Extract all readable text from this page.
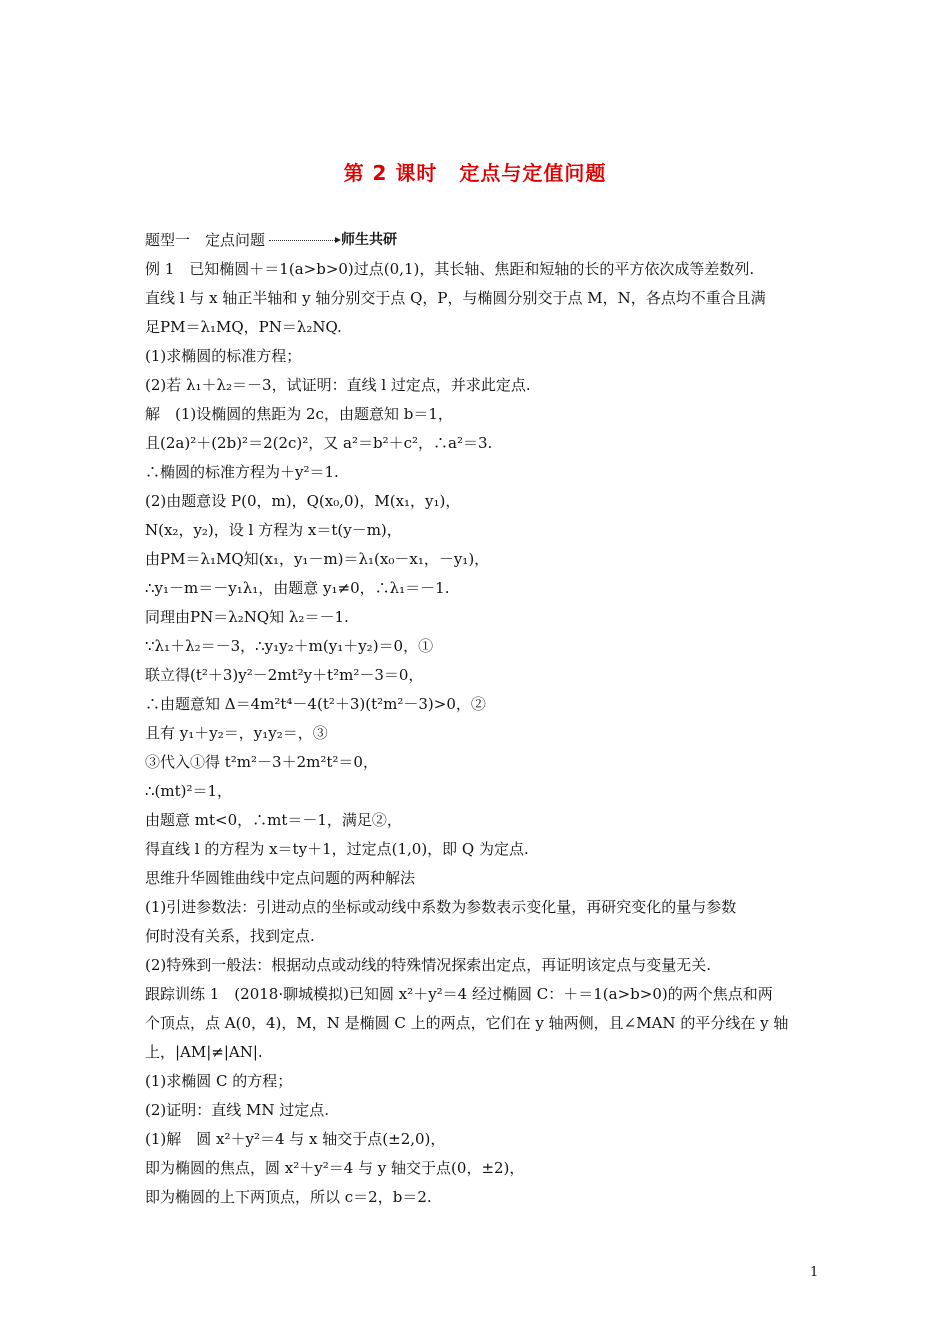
第 2 课时 定点与定值问题
题型一　定点问题	师生共研
例 1　已知椭圆＋＝1(a>b>0)过点(0,1)，其长轴、焦距和短轴的长的平方依次成等差数列.
直线 l 与 x 轴正半轴和 y 轴分别交于点 Q，P，与椭圆分别交于点 M，N，各点均不重合且满
足PM＝λ₁MQ，PN＝λ₂NQ.
(1)求椭圆的标准方程；
(2)若 λ₁＋λ₂＝－3，试证明：直线 l 过定点，并求此定点.
解　(1)设椭圆的焦距为 2c，由题意知 b＝1，
且(2a)²＋(2b)²＝2(2c)²，又 a²＝b²＋c²，∴a²＝3.
∴椭圆的标准方程为＋y²＝1.
(2)由题意设 P(0，m)，Q(x₀,0)，M(x₁，y₁)，
N(x₂，y₂)，设 l 方程为 x＝t(y－m)，
由PM＝λ₁MQ知(x₁，y₁－m)＝λ₁(x₀－x₁，－y₁)，
∴y₁－m＝－y₁λ₁，由题意 y₁≠0，∴λ₁＝－1.
同理由PN＝λ₂NQ知 λ₂＝－1.
∵λ₁＋λ₂＝－3，∴y₁y₂＋m(y₁＋y₂)＝0，①
联立得(t²＋3)y²－2mt²y＋t²m²－3＝0，
∴由题意知 Δ＝4m²t⁴－4(t²＋3)(t²m²－3)>0，②
且有 y₁＋y₂＝，y₁y₂＝，③
③代入①得 t²m²－3＋2m²t²＝0，
∴(mt)²＝1，
由题意 mt<0，∴mt＝－1，满足②，
得直线 l 的方程为 x＝ty＋1，过定点(1,0)，即 Q 为定点.
思维升华圆锥曲线中定点问题的两种解法
(1)引进参数法：引进动点的坐标或动线中系数为参数表示变化量，再研究变化的量与参数
何时没有关系，找到定点.
(2)特殊到一般法：根据动点或动线的特殊情况探索出定点，再证明该定点与变量无关.
跟踪训练 1　(2018·聊城模拟)已知圆 x²＋y²＝4 经过椭圆 C：＋＝1(a>b>0)的两个焦点和两
个顶点，点 A(0，4)，M，N 是椭圆 C 上的两点，它们在 y 轴两侧，且∠MAN 的平分线在 y 轴
上，|AM|≠|AN|.
(1)求椭圆 C 的方程；
(2)证明：直线 MN 过定点.
(1)解　圆 x²＋y²＝4 与 x 轴交于点(±2,0)，
即为椭圆的焦点，圆 x²＋y²＝4 与 y 轴交于点(0，±2)，
即为椭圆的上下两顶点，所以 c＝2，b＝2.
1
